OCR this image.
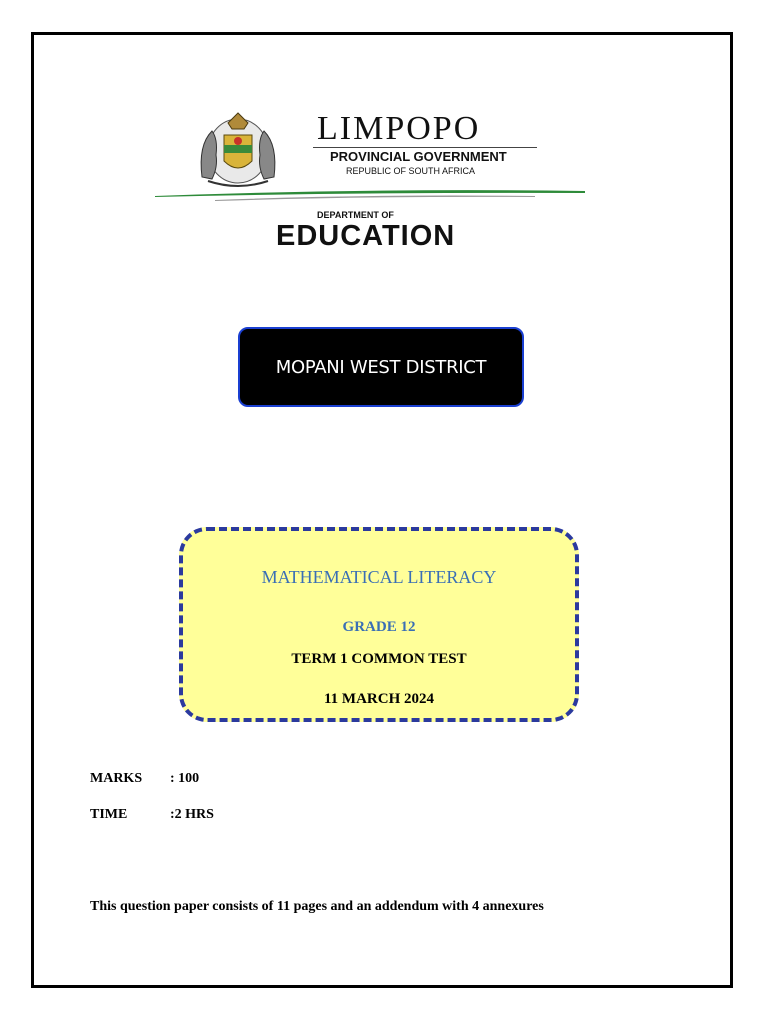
LIMPOPO
PROVINCIAL GOVERNMENT
REPUBLIC OF SOUTH AFRICA
DEPARTMENT OF
EDUCATION
MOPANI WEST DISTRICT
MATHEMATICAL LITERACY
GRADE 12
TERM 1 COMMON TEST
11 MARCH 2024
MARKS : 100
TIME	:2 HRS
This question paper consists of 11 pages and an addendum with 4 annexures
